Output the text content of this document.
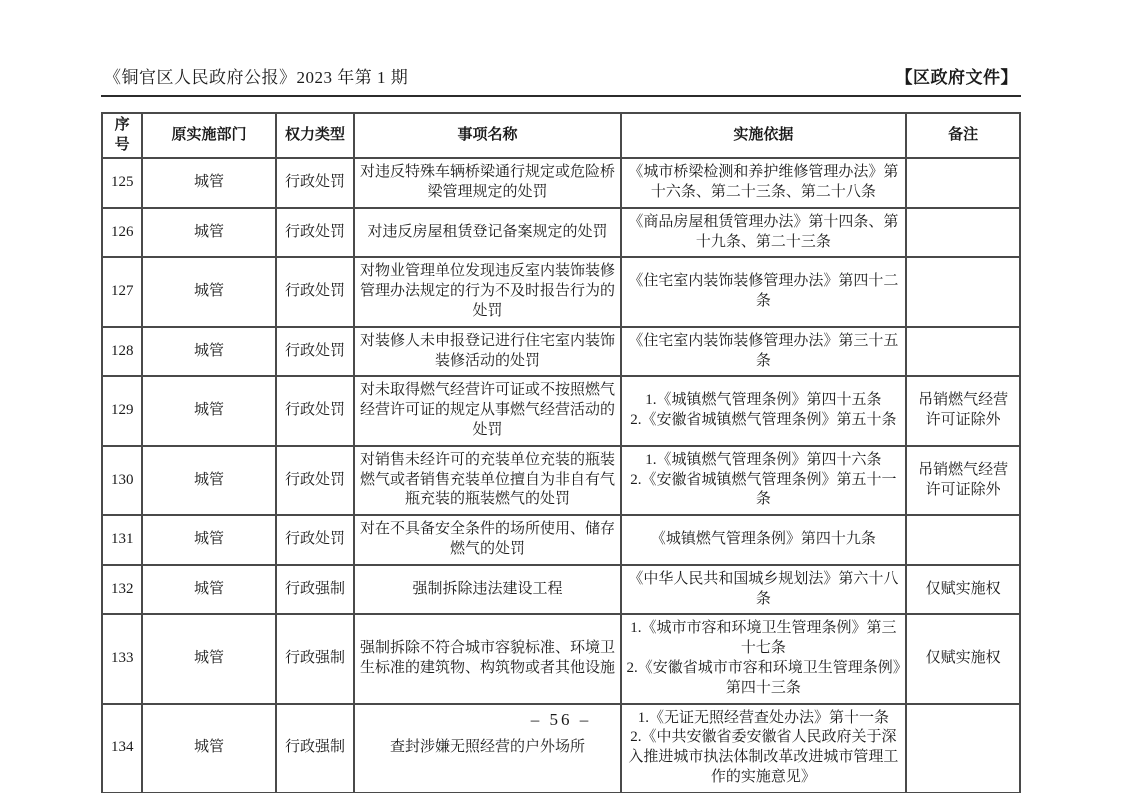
《铜官区人民政府公报》2023 年第 1 期	【区政府文件】
序号	原实施部门	权力类型	事项名称	实施依据	备注
125	城管	行政处罚	对违反特殊车辆桥梁通行规定或危险桥梁管理规定的处罚	《城市桥梁检测和养护维修管理办法》第十六条、第二十三条、第二十八条	

126	城管	行政处罚	对违反房屋租赁登记备案规定的处罚	《商品房屋租赁管理办法》第十四条、第十九条、第二十三条	

127	城管	行政处罚	对物业管理单位发现违反室内装饰装修管理办法规定的行为不及时报告行为的处罚	《住宅室内装饰装修管理办法》第四十二条	

128	城管	行政处罚	对装修人未申报登记进行住宅室内装饰装修活动的处罚	《住宅室内装饰装修管理办法》第三十五条	

129	城管	行政处罚	对未取得燃气经营许可证或不按照燃气经营许可证的规定从事燃气经营活动的处罚	1.《城镇燃气管理条例》第四十五条
2.《安徽省城镇燃气管理条例》第五十条	吊销燃气经营许可证除外
130	城管	行政处罚	对销售未经许可的充装单位充装的瓶装燃气或者销售充装单位擅自为非自有气瓶充装的瓶装燃气的处罚	1.《城镇燃气管理条例》第四十六条
2.《安徽省城镇燃气管理条例》第五十一条	吊销燃气经营许可证除外
131	城管	行政处罚	对在不具备安全条件的场所使用、储存燃气的处罚	《城镇燃气管理条例》第四十九条	

132	城管	行政强制	强制拆除违法建设工程	《中华人民共和国城乡规划法》第六十八条	仅赋实施权
133	城管	行政强制	强制拆除不符合城市容貌标准、环境卫生标准的建筑物、构筑物或者其他设施	1.《城市市容和环境卫生管理条例》第三十七条
2.《安徽省城市市容和环境卫生管理条例》第四十三条	仅赋实施权
134	城管	行政强制	查封涉嫌无照经营的户外场所	1.《无证无照经营查处办法》第十一条
2.《中共安徽省委安徽省人民政府关于深入推进城市执法体制改革改进城市管理工作的实施意见》	

– 56 –
